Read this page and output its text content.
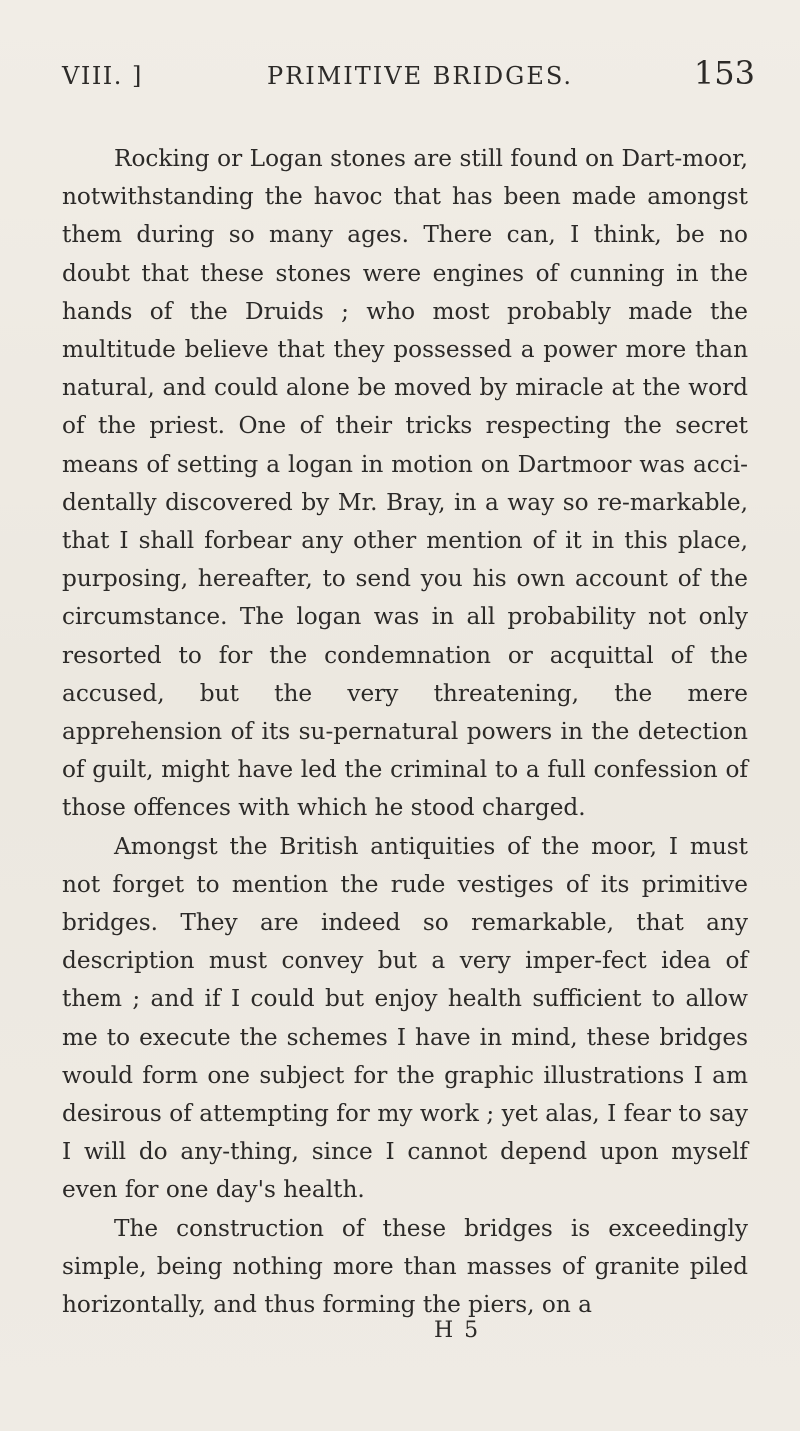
VIII. ]	PRIMITIVE BRIDGES.	153

Rocking or Logan stones are still found on Dart-moor, notwithstanding the havoc that has been made amongst them during so many ages. There can, I think, be no doubt that these stones were engines of cunning in the hands of the Druids ; who most probably made the multitude believe that they possessed a power more than natural, and could alone be moved by miracle at the word of the priest. One of their tricks respecting the secret means of setting a logan in motion on Dartmoor was acci-dentally discovered by Mr. Bray, in a way so re-markable, that I shall forbear any other mention of it in this place, purposing, hereafter, to send you his own account of the circumstance. The logan was in all probability not only resorted to for the condemnation or acquittal of the accused, but the very threatening, the mere apprehension of its su-pernatural powers in the detection of guilt, might have led the criminal to a full confession of those offences with which he stood charged.

Amongst the British antiquities of the moor, I must not forget to mention the rude vestiges of its primitive bridges. They are indeed so remarkable, that any description must convey but a very imper-fect idea of them ; and if I could but enjoy health sufficient to allow me to execute the schemes I have in mind, these bridges would form one subject for the graphic illustrations I am desirous of attempting for my work ; yet alas, I fear to say I will do any-thing, since I cannot depend upon myself even for one day's health.

The construction of these bridges is exceedingly simple, being nothing more than masses of granite piled horizontally, and thus forming the piers, on a

H 5
